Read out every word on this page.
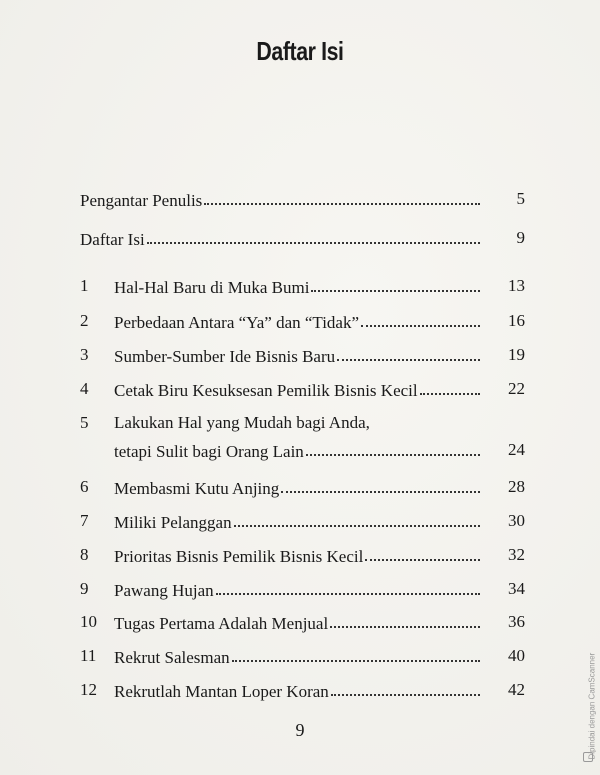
Daftar Isi
Pengantar Penulis	5
Daftar Isi	9
1	Hal-Hal Baru di Muka Bumi	13
2	Perbedaan Antara “Ya” dan “Tidak”	16
3	Sumber-Sumber Ide Bisnis Baru	19
4	Cetak Biru Kesuksesan Pemilik Bisnis Kecil	22
5	Lakukan Hal yang Mudah bagi Anda,
tetapi Sulit bagi Orang Lain	24
6	Membasmi Kutu Anjing	28
7	Miliki Pelanggan	30
8	Prioritas Bisnis Pemilik Bisnis Kecil	32
9	Pawang Hujan	34
10	Tugas Pertama Adalah Menjual	36
11	Rekrut Salesman	40
12	Rekrutlah Mantan Loper Koran	42
9	Dipindai dengan CamScanner
